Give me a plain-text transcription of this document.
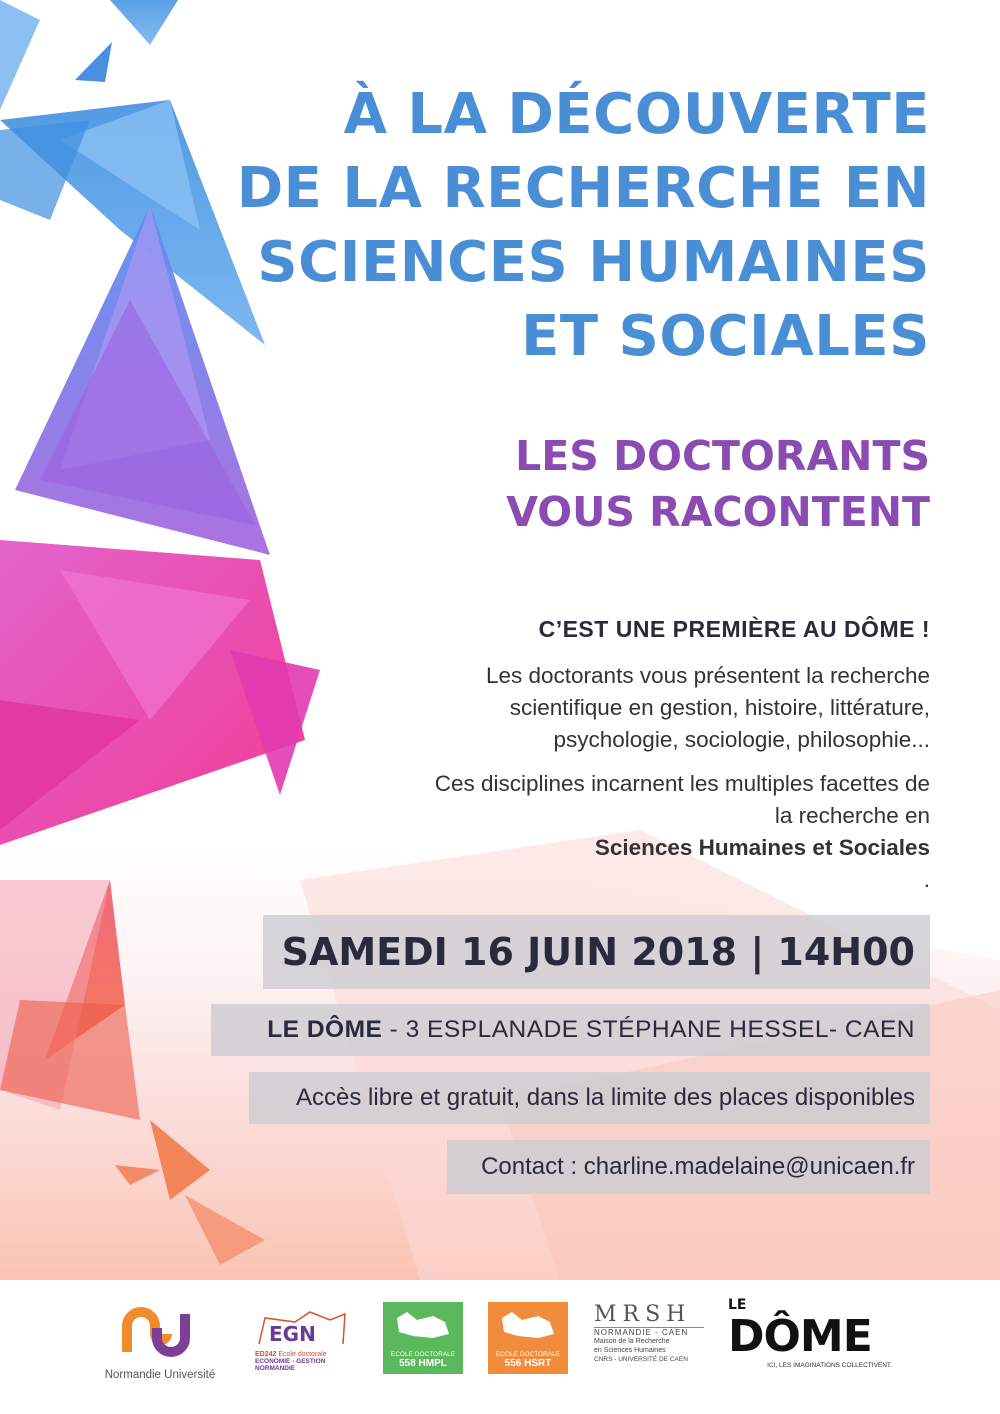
À LA DÉCOUVERTE
DE LA RECHERCHE EN
SCIENCES HUMAINES
ET SOCIALES
LES DOCTORANTS
VOUS RACONTENT

C’EST UNE PREMIÈRE AU DÔME !

Les doctorants vous présentent la recherche
scientifique en gestion, histoire, littérature,
psychologie, sociologie, philosophie...

Ces disciplines incarnent les multiples facettes de
la recherche en
Sciences Humaines et Sociales
.

SAMEDI 16 JUIN 2018 | 14H00
LE DÔME - 3 ESPLANADE STÉPHANE HESSEL- CAEN
Accès libre et gratuit, dans la limite des places disponibles
Contact : charline.madelaine@unicaen.fr
Normandie Université
EGN
ED242 Ecole doctorale
ECONOMIE - GESTION NORMANDIE
ECOLE DOCTORALE
558 HMPL
ECOLE DOCTORALE
556 HSRT
MRSH
NORMANDIE - CAEN
Maison de la Recherche
en Sciences Humaines
CNRS - UNIVERSITÉ DE CAEN
LE
DÔME
ICI, LES IMAGINATIONS COLLECTIVENT.
